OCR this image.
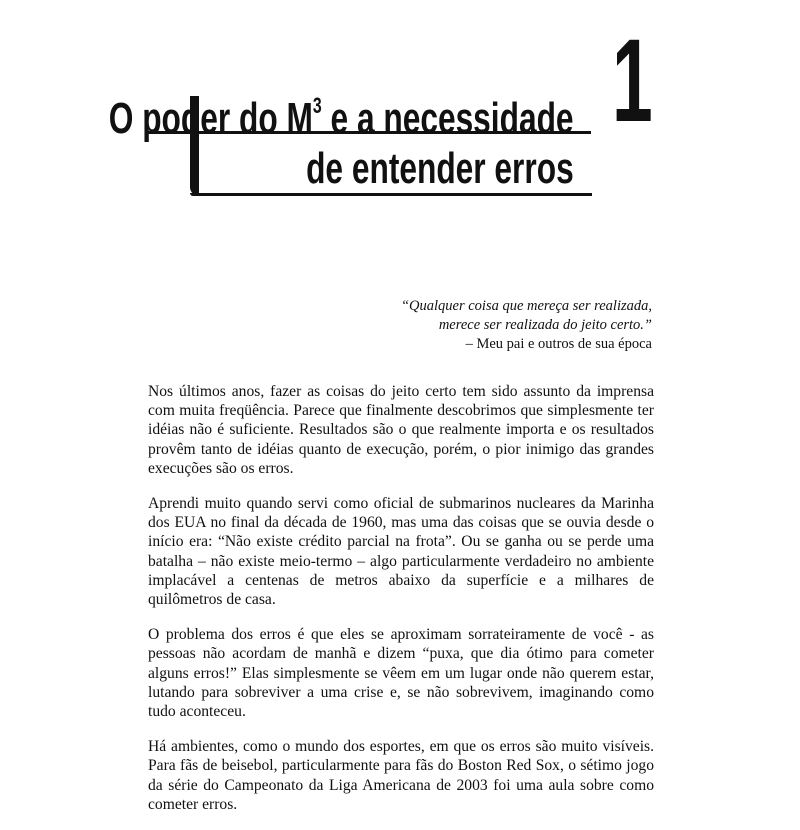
1
O poder do $M^3$ e a necessidade
de entender erros

“Qualquer coisa que mereça ser realizada,

merece ser realizada do jeito certo.”

– Meu pai e outros de sua época

Nos últimos anos, fazer as coisas do jeito certo tem sido assunto da imprensa com muita freqüência. Parece que finalmente descobrimos que simplesmente ter idéias não é suficiente. Resultados são o que realmente importa e os resultados provêm tanto de idéias quanto de execução, porém, o pior inimigo das grandes execuções são os erros.

Aprendi muito quando servi como oficial de submarinos nucleares da Marinha dos EUA no final da década de 1960, mas uma das coisas que se ouvia desde o início era: “Não existe crédito parcial na frota”. Ou se ganha ou se perde uma batalha – não existe meio-termo – algo particularmente verdadeiro no ambiente implacável a centenas de metros abaixo da superfície e a milhares de quilômetros de casa.

O problema dos erros é que eles se aproximam sorrateiramente de você - as pessoas não acordam de manhã e dizem “puxa, que dia ótimo para cometer alguns erros!” Elas simplesmente se vêem em um lugar onde não querem estar, lutando para sobreviver a uma crise e, se não sobrevivem, imaginando como tudo aconteceu.

Há ambientes, como o mundo dos esportes, em que os erros são muito visíveis. Para fãs de beisebol, particularmente para fãs do Boston Red Sox, o sétimo jogo da série do Campeonato da Liga Americana de 2003 foi uma aula sobre como cometer erros.
